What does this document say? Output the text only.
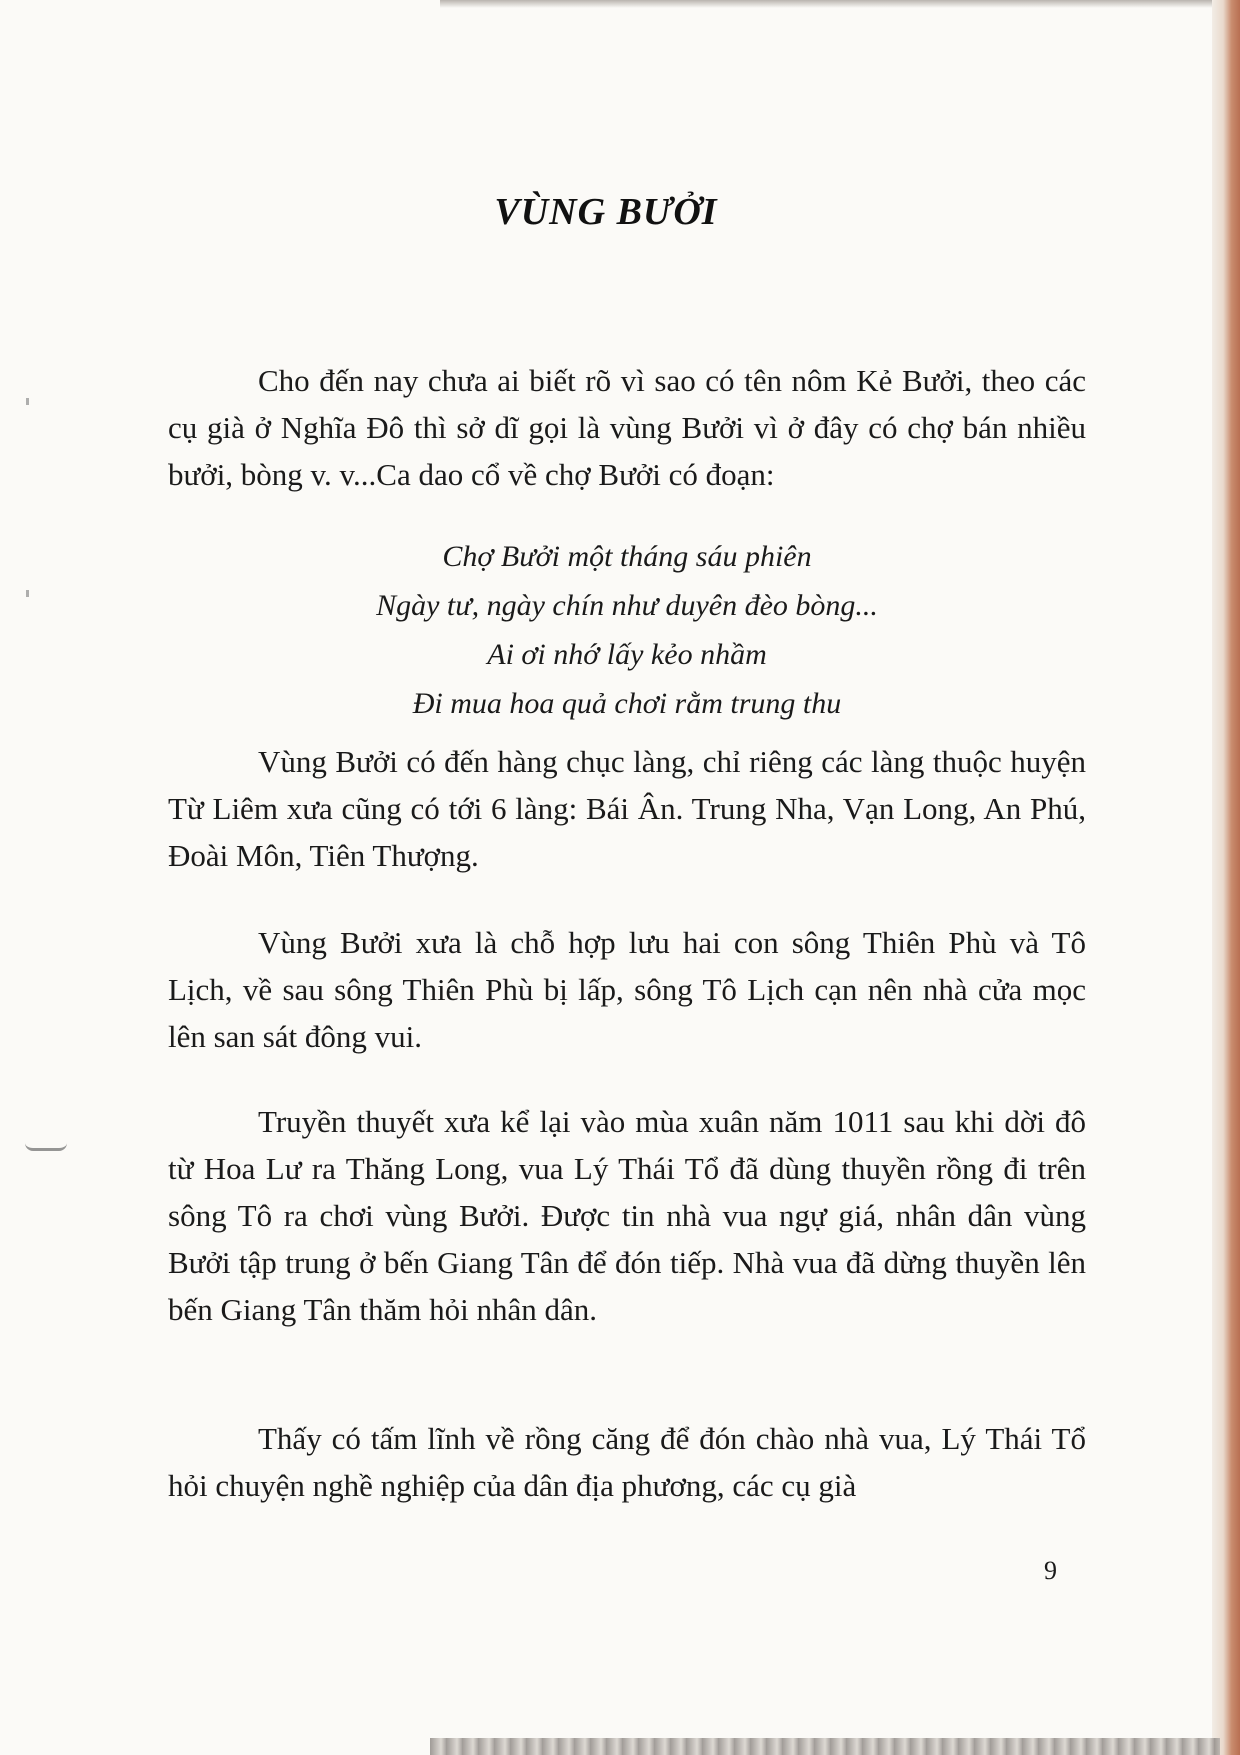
VÙNG BƯỞI

Cho đến nay chưa ai biết rõ vì sao có tên nôm Kẻ Bưởi, theo các cụ già ở Nghĩa Đô thì sở dĩ gọi là vùng Bưởi vì ở đây có chợ bán nhiều bưởi, bòng v. v...Ca dao cổ về chợ Bưởi có đoạn:

Chợ Bưởi một tháng sáu phiên
Ngày tư, ngày chín như duyên đèo bòng...
Ai ơi nhớ lấy kẻo nhầm
Đi mua hoa quả chơi rằm trung thu

Vùng Bưởi có đến hàng chục làng, chỉ riêng các làng thuộc huyện Từ Liêm xưa cũng có tới 6 làng: Bái Ân. Trung Nha, Vạn Long, An Phú, Đoài Môn, Tiên Thượng.

Vùng Bưởi xưa là chỗ hợp lưu hai con sông Thiên Phù và Tô Lịch, về sau sông Thiên Phù bị lấp, sông Tô Lịch cạn nên nhà cửa mọc lên san sát đông vui.

Truyền thuyết xưa kể lại vào mùa xuân năm 1011 sau khi dời đô từ Hoa Lư ra Thăng Long, vua Lý Thái Tổ đã dùng thuyền rồng đi trên sông Tô ra chơi vùng Bưởi. Được tin nhà vua ngự giá, nhân dân vùng Bưởi tập trung ở bến Giang Tân để đón tiếp. Nhà vua đã dừng thuyền lên bến Giang Tân thăm hỏi nhân dân.

Thấy có tấm lĩnh về rồng căng để đón chào nhà vua, Lý Thái Tổ hỏi chuyện nghề nghiệp của dân địa phương, các cụ già

9
